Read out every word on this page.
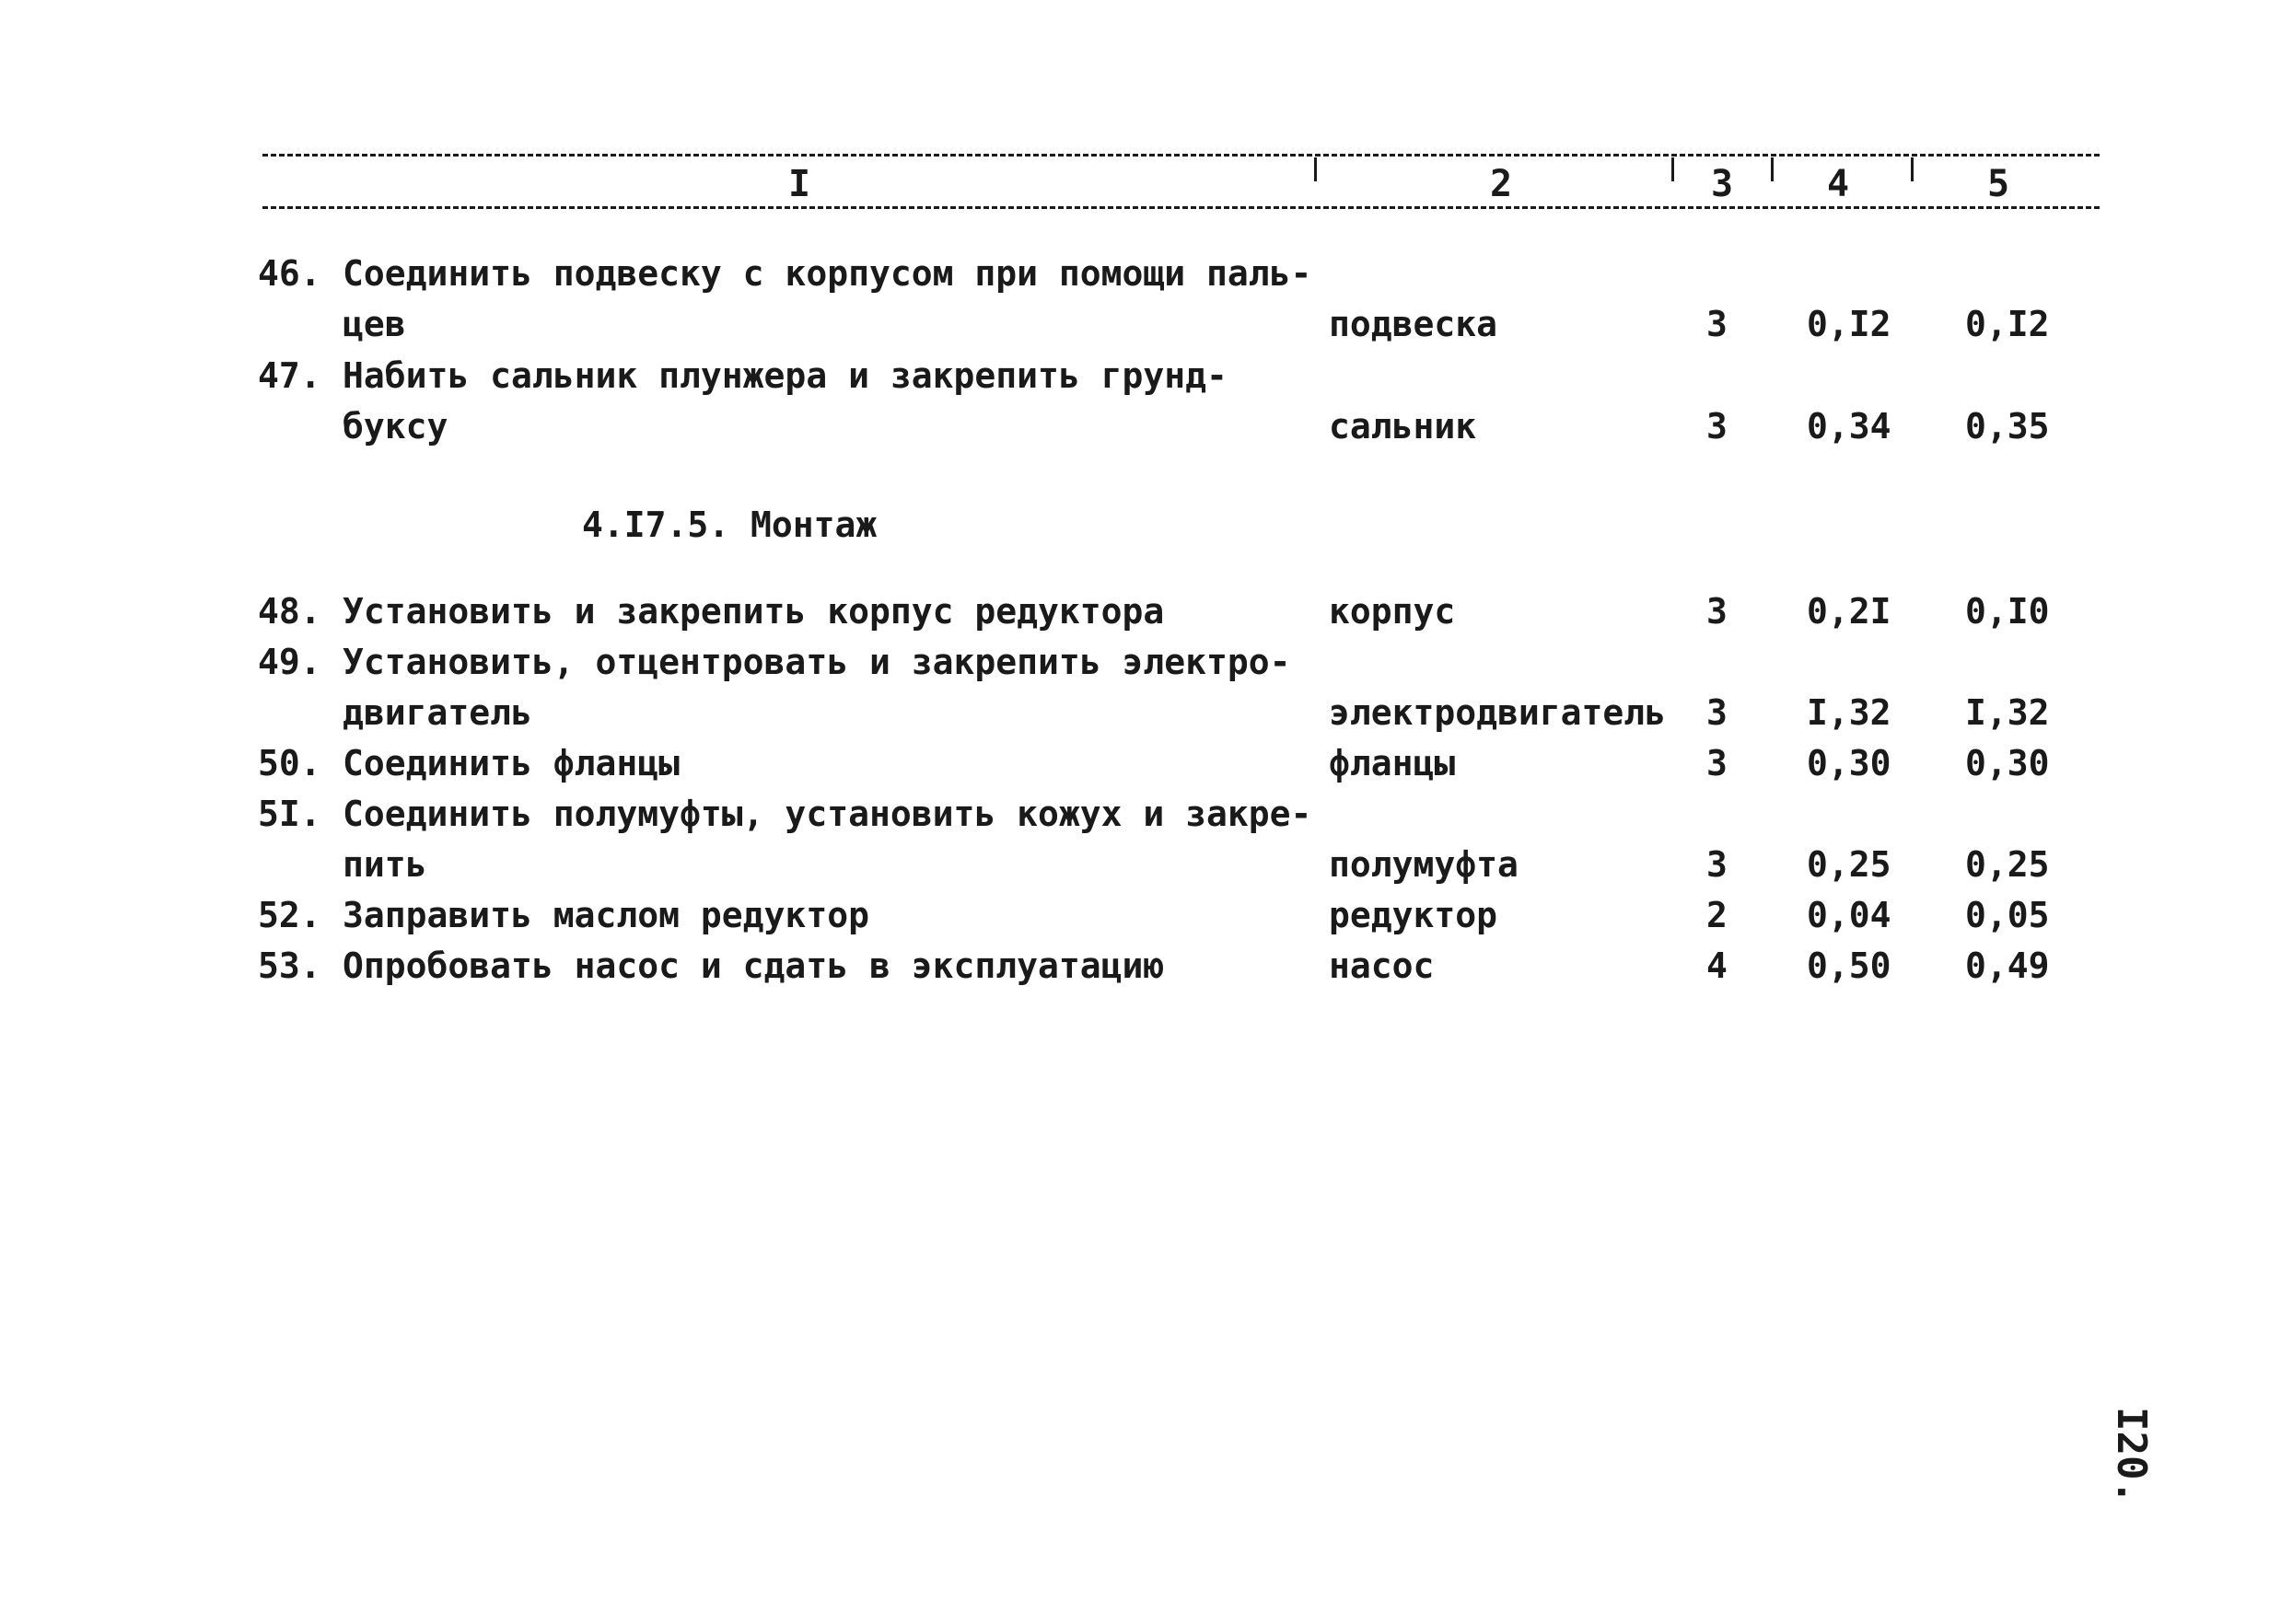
I	2	3	4	5
46. Соединить подвеску с корпусом при помощи паль-
цев	подвеска	3 0,I2 0,I2
47. Набить сальник плунжера и закрепить грунд-
буксу	сальник	3 0,34 0,35
4.I7.5. Монтаж
48. Установить и закрепить корпус редуктора	корпус	3 0,2I 0,I0
49. Установить, отцентровать и закрепить электро-
двигатель	электродвигатель 3 I,32 I,32
50. Соединить фланцы	фланцы	3 0,30 0,30
5I. Соединить полумуфты, установить кожух и закре-
пить	полумуфта	3 0,25 0,25
52. Заправить маслом редуктор	редуктор	2 0,04 0,05
53. Опробовать насос и сдать в эксплуатацию	насос	4 0,50 0,49
I20.
